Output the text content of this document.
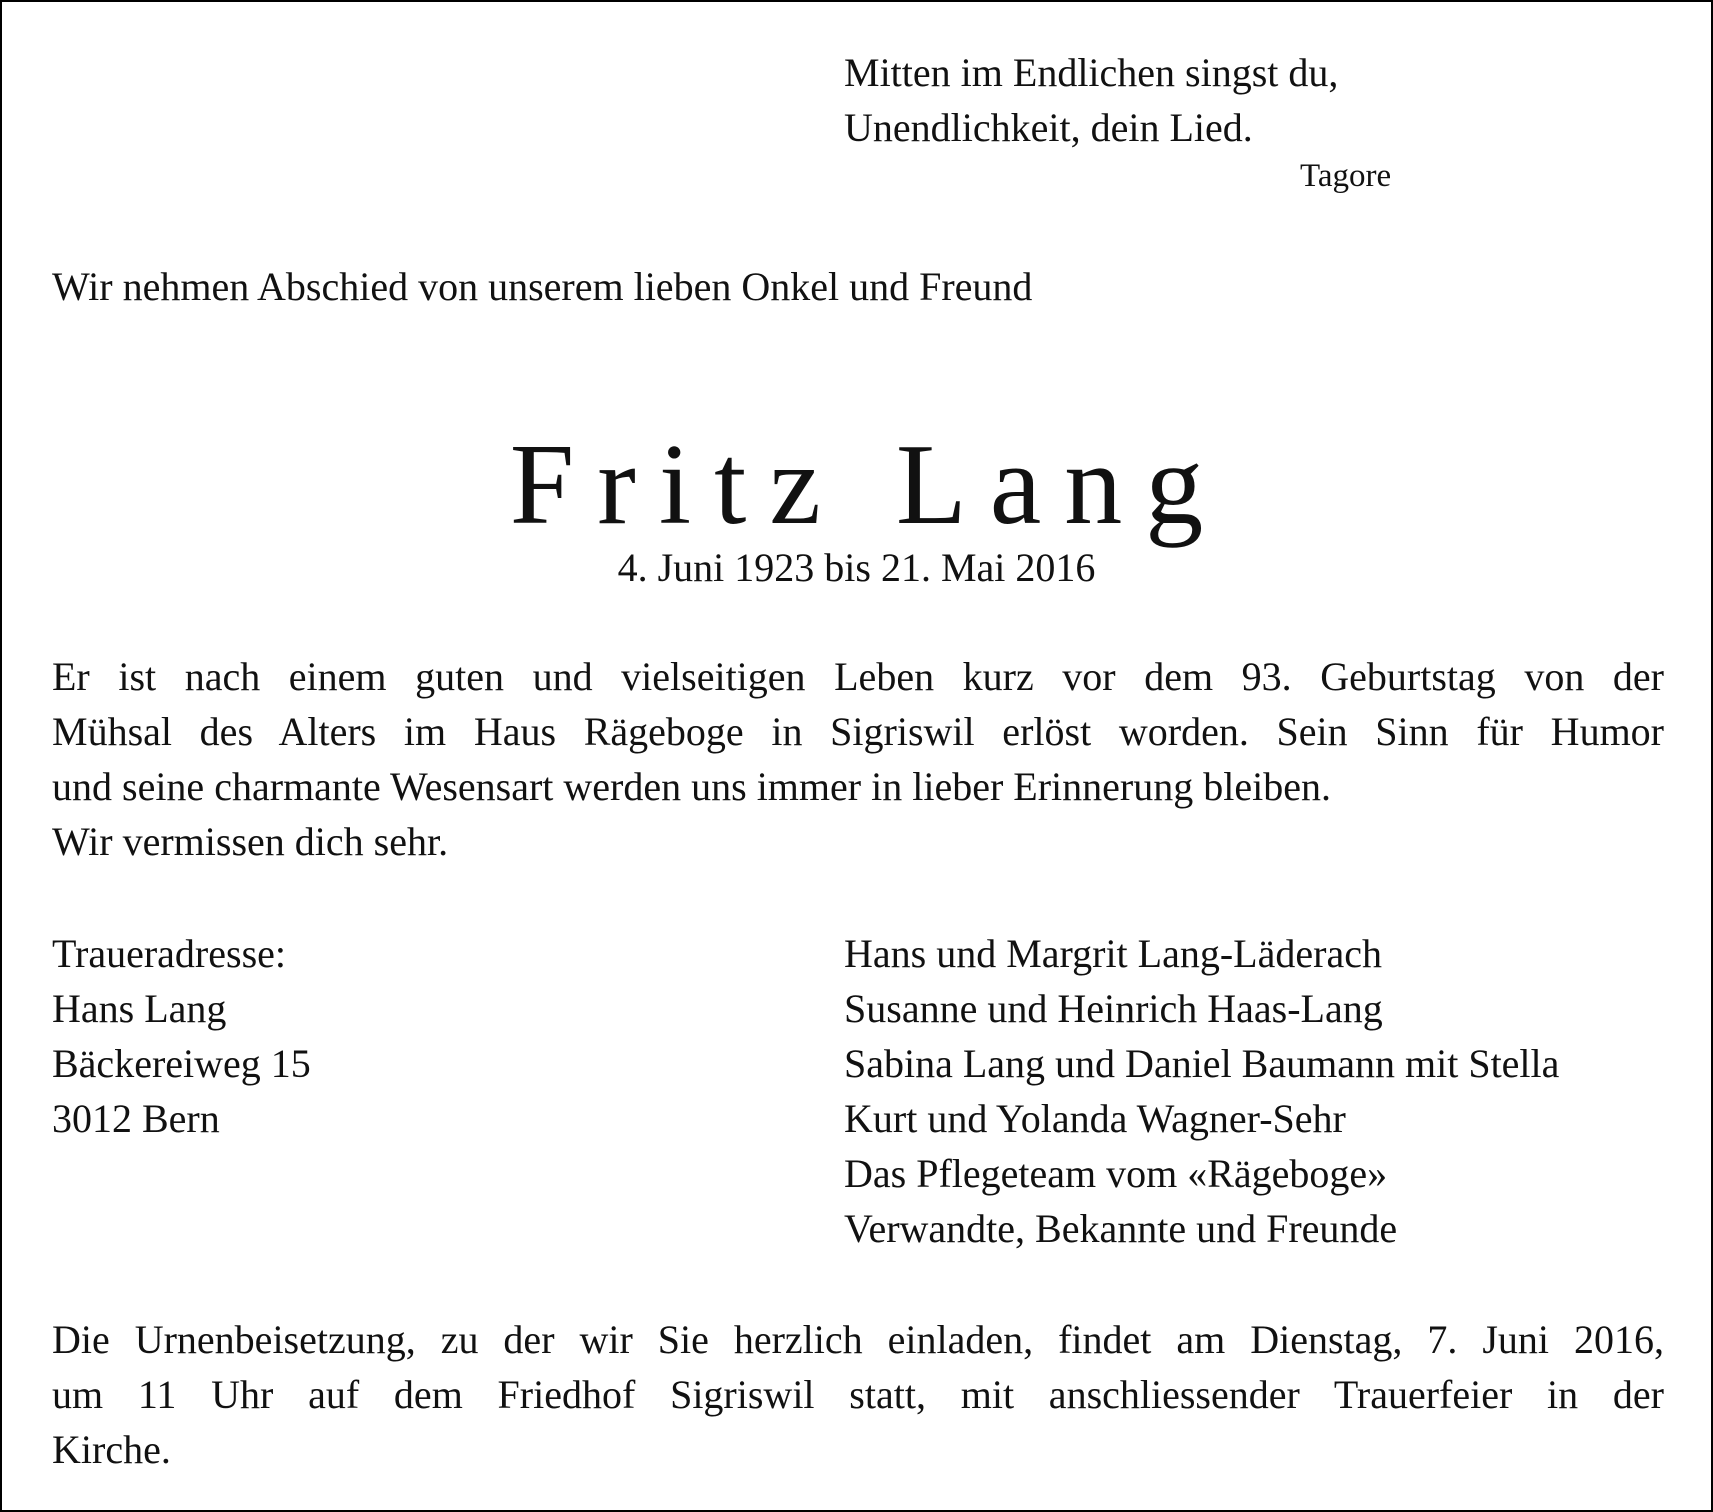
Mitten im Endlichen singst du,
Unendlichkeit, dein Lied.
Tagore
Wir nehmen Abschied von unserem lieben Onkel und Freund
Fritz Lang
4. Juni 1923 bis 21. Mai 2016
Er ist nach einem guten und vielseitigen Leben kurz vor dem 93. Geburtstag von der
Mühsal des Alters im Haus Rägeboge in Sigriswil erlöst worden. Sein Sinn für Humor
und seine charmante Wesensart werden uns immer in lieber Erinnerung bleiben.
Wir vermissen dich sehr.
Traueradresse:
Hans Lang
Bäckereiweg 15
3012 Bern
Hans und Margrit Lang-Läderach
Susanne und Heinrich Haas-Lang
Sabina Lang und Daniel Baumann mit Stella
Kurt und Yolanda Wagner-Sehr
Das Pflegeteam vom «Rägeboge»
Verwandte, Bekannte und Freunde
Die Urnenbeisetzung, zu der wir Sie herzlich einladen, findet am Dienstag, 7. Juni 2016,
um 11 Uhr auf dem Friedhof Sigriswil statt, mit anschliessender Trauerfeier in der
Kirche.
